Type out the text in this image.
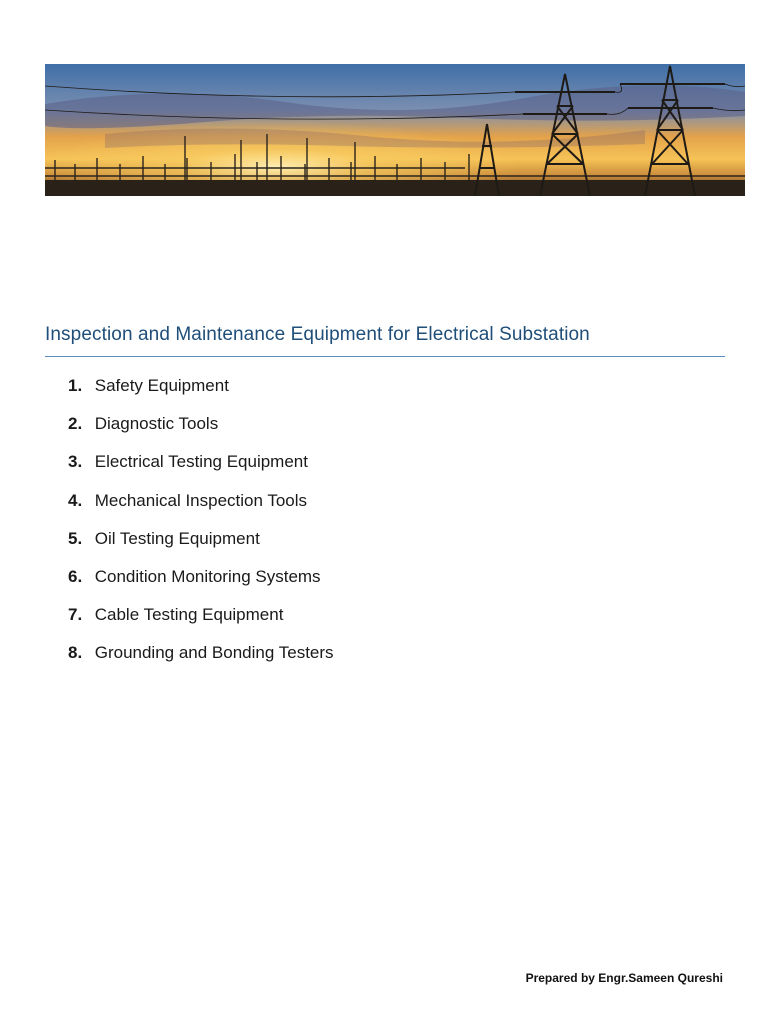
Inspection and Maintenance Equipment for Electrical Substation
1. Safety Equipment
2. Diagnostic Tools
3. Electrical Testing Equipment
4. Mechanical Inspection Tools
5. Oil Testing Equipment
6. Condition Monitoring Systems
7. Cable Testing Equipment
8. Grounding and Bonding Testers
Prepared by Engr.Sameen Qureshi
